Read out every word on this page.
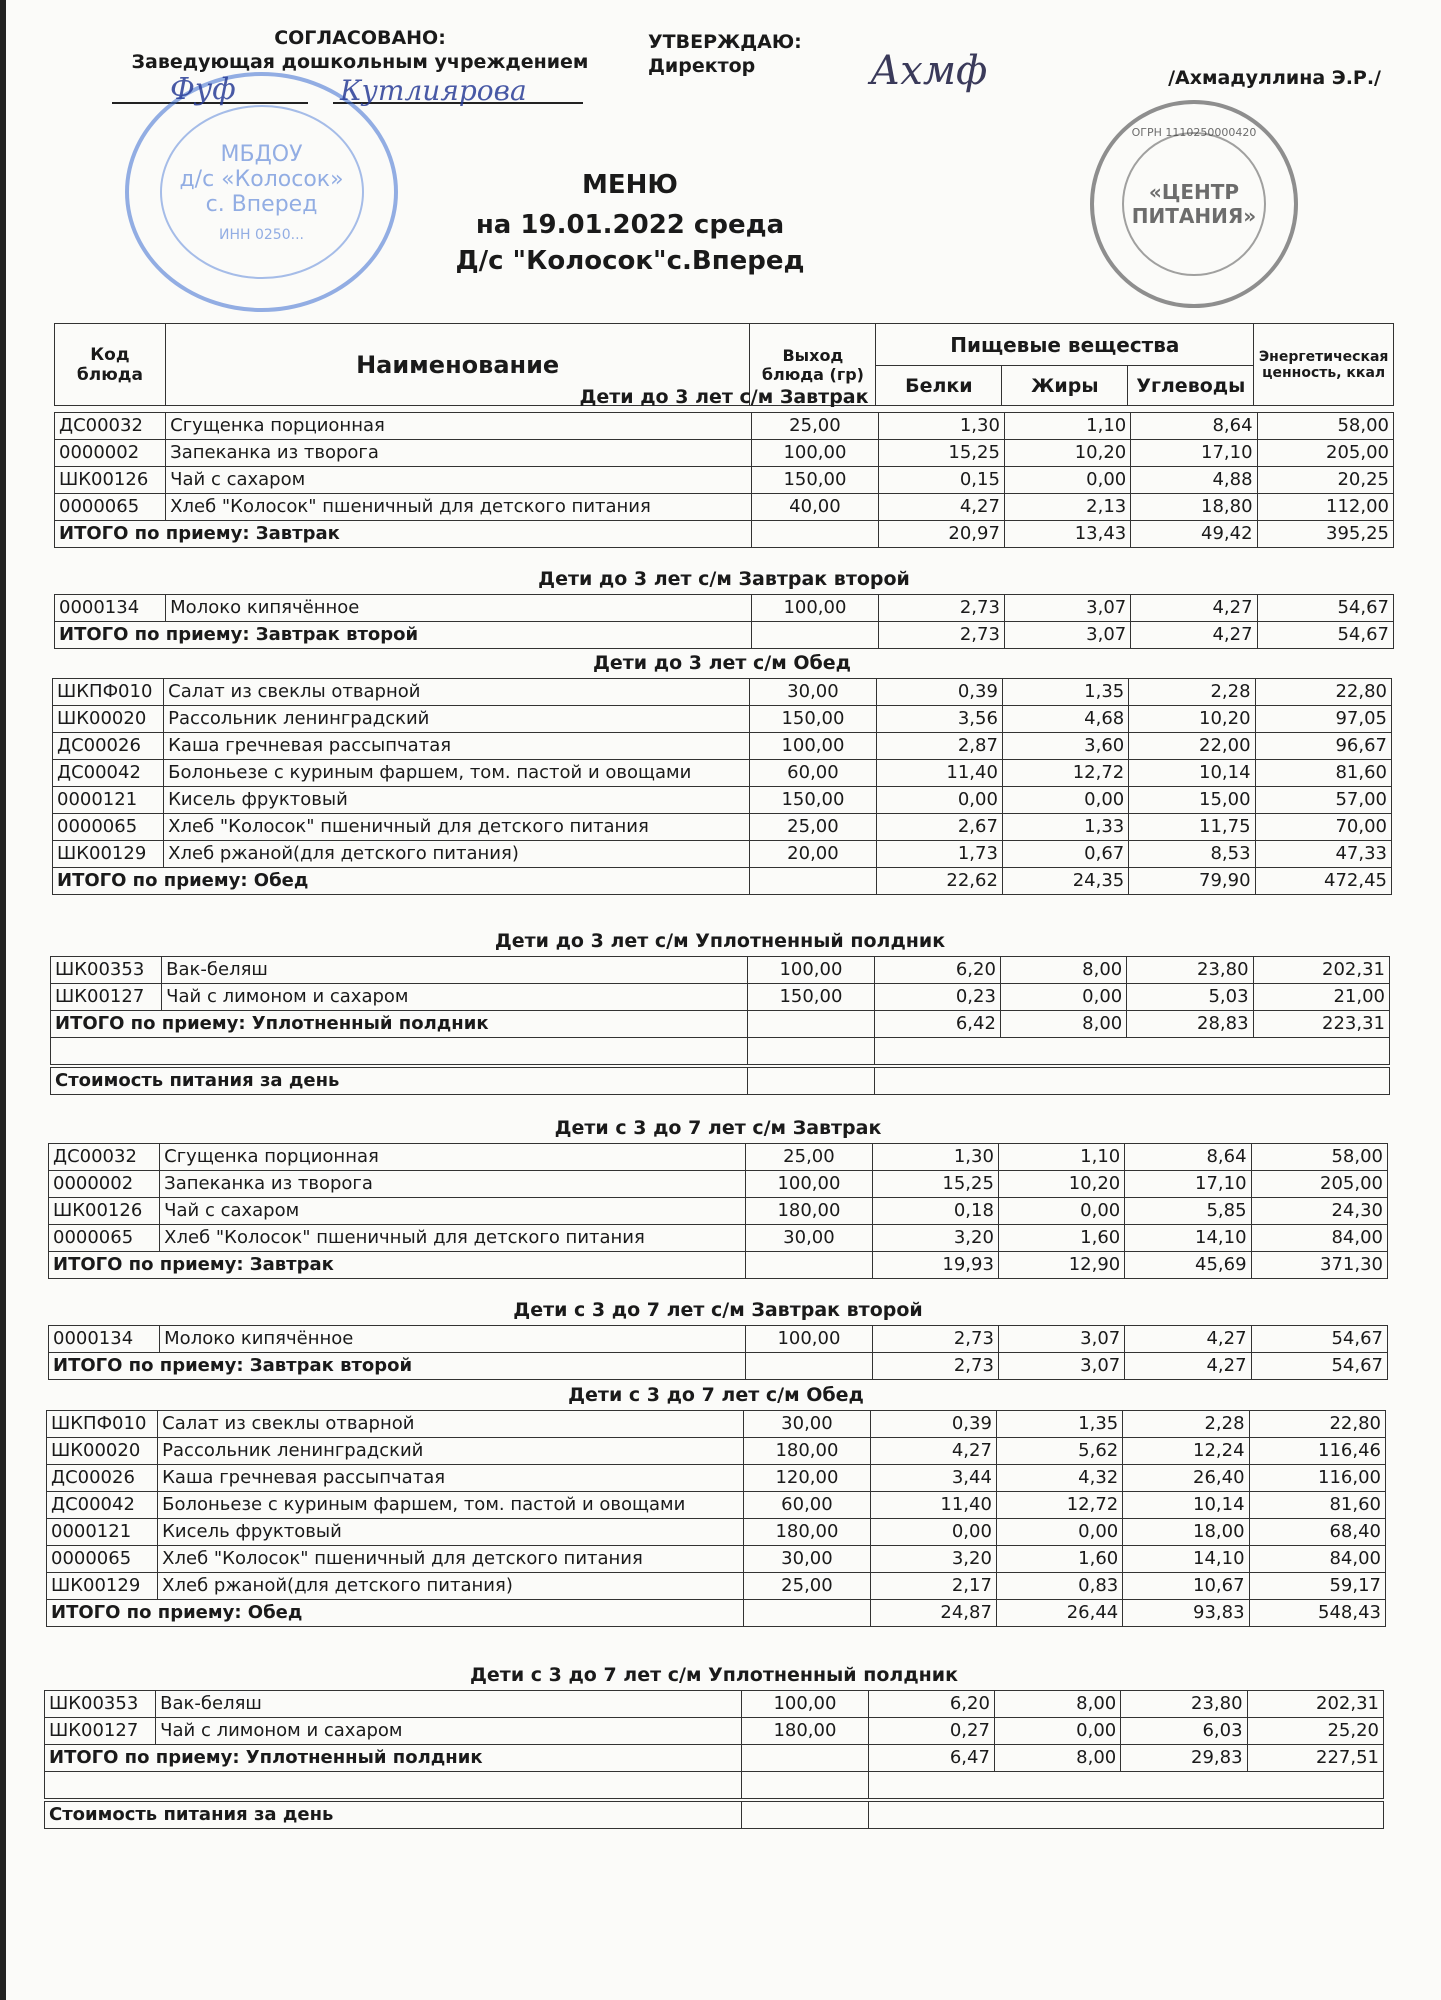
СОГЛАСОВАНО:
Заведующая дошкольным учреждением
МБДОУ
д/с «Колосок»
с. Вперед
ИНН 0250...
Фуф	Кутлиярова
УТВЕРЖДАЮ:
Директор	Ахмф	/Ахмадуллина Э.Р./
«ЦЕНТР
ПИТАНИЯ»
ОГРН 1110250000420
МЕНЮ
на 19.01.2022 среда
Д/с "Колосок"с.Вперед
Код блюда	Наименование	Выход блюда (гр)	Пищевые вещества			Энергетическая ценность, ккал
			Белки	Жиры	Углеводы	
Дети до 3 лет с/м Завтрак
ДС00032	Сгущенка порционная	25,00	1,30	1,10	8,64	58,00
0000002	Запеканка из творога	100,00	15,25	10,20	17,10	205,00
ШК00126	Чай с сахаром	150,00	0,15	0,00	4,88	20,25
0000065	Хлеб "Колосок" пшеничный для детского питания	40,00	4,27	2,13	18,80	112,00
ИТОГО по приему: Завтрак			20,97	13,43	49,42	395,25
Дети до 3 лет с/м Завтрак второй
0000134	Молоко кипячённое	100,00	2,73	3,07	4,27	54,67
ИТОГО по приему: Завтрак второй			2,73	3,07	4,27	54,67
Дети до 3 лет с/м Обед
ШКПФ010	Салат из свеклы отварной	30,00	0,39	1,35	2,28	22,80
ШК00020	Рассольник ленинградский	150,00	3,56	4,68	10,20	97,05
ДС00026	Каша гречневая рассыпчатая	100,00	2,87	3,60	22,00	96,67
ДС00042	Болоньезе с куриным фаршем, том. пастой и овощами	60,00	11,40	12,72	10,14	81,60
0000121	Кисель фруктовый	150,00	0,00	0,00	15,00	57,00
0000065	Хлеб "Колосок" пшеничный для детского питания	25,00	2,67	1,33	11,75	70,00
ШК00129	Хлеб ржаной(для детского питания)	20,00	1,73	0,67	8,53	47,33
ИТОГО по приему: Обед			22,62	24,35	79,90	472,45
Дети до 3 лет с/м Уплотненный полдник
ШК00353	Вак-беляш	100,00	6,20	8,00	23,80	202,31
ШК00127	Чай с лимоном и сахаром	150,00	0,23	0,00	5,03	21,00
ИТОГО по приему: Уплотненный полдник			6,42	8,00	28,83	223,31

Стоимость питания за день						
Дети с 3 до 7 лет с/м Завтрак
ДС00032	Сгущенка порционная	25,00	1,30	1,10	8,64	58,00
0000002	Запеканка из творога	100,00	15,25	10,20	17,10	205,00
ШК00126	Чай с сахаром	180,00	0,18	0,00	5,85	24,30
0000065	Хлеб "Колосок" пшеничный для детского питания	30,00	3,20	1,60	14,10	84,00
ИТОГО по приему: Завтрак			19,93	12,90	45,69	371,30
Дети с 3 до 7 лет с/м Завтрак второй
0000134	Молоко кипячённое	100,00	2,73	3,07	4,27	54,67
ИТОГО по приему: Завтрак второй			2,73	3,07	4,27	54,67
Дети с 3 до 7 лет с/м Обед
ШКПФ010	Салат из свеклы отварной	30,00	0,39	1,35	2,28	22,80
ШК00020	Рассольник ленинградский	180,00	4,27	5,62	12,24	116,46
ДС00026	Каша гречневая рассыпчатая	120,00	3,44	4,32	26,40	116,00
ДС00042	Болоньезе с куриным фаршем, том. пастой и овощами	60,00	11,40	12,72	10,14	81,60
0000121	Кисель фруктовый	180,00	0,00	0,00	18,00	68,40
0000065	Хлеб "Колосок" пшеничный для детского питания	30,00	3,20	1,60	14,10	84,00
ШК00129	Хлеб ржаной(для детского питания)	25,00	2,17	0,83	10,67	59,17
ИТОГО по приему: Обед			24,87	26,44	93,83	548,43
Дети с 3 до 7 лет с/м Уплотненный полдник
ШК00353	Вак-беляш	100,00	6,20	8,00	23,80	202,31
ШК00127	Чай с лимоном и сахаром	180,00	0,27	0,00	6,03	25,20
ИТОГО по приему: Уплотненный полдник			6,47	8,00	29,83	227,51

Стоимость питания за день						
